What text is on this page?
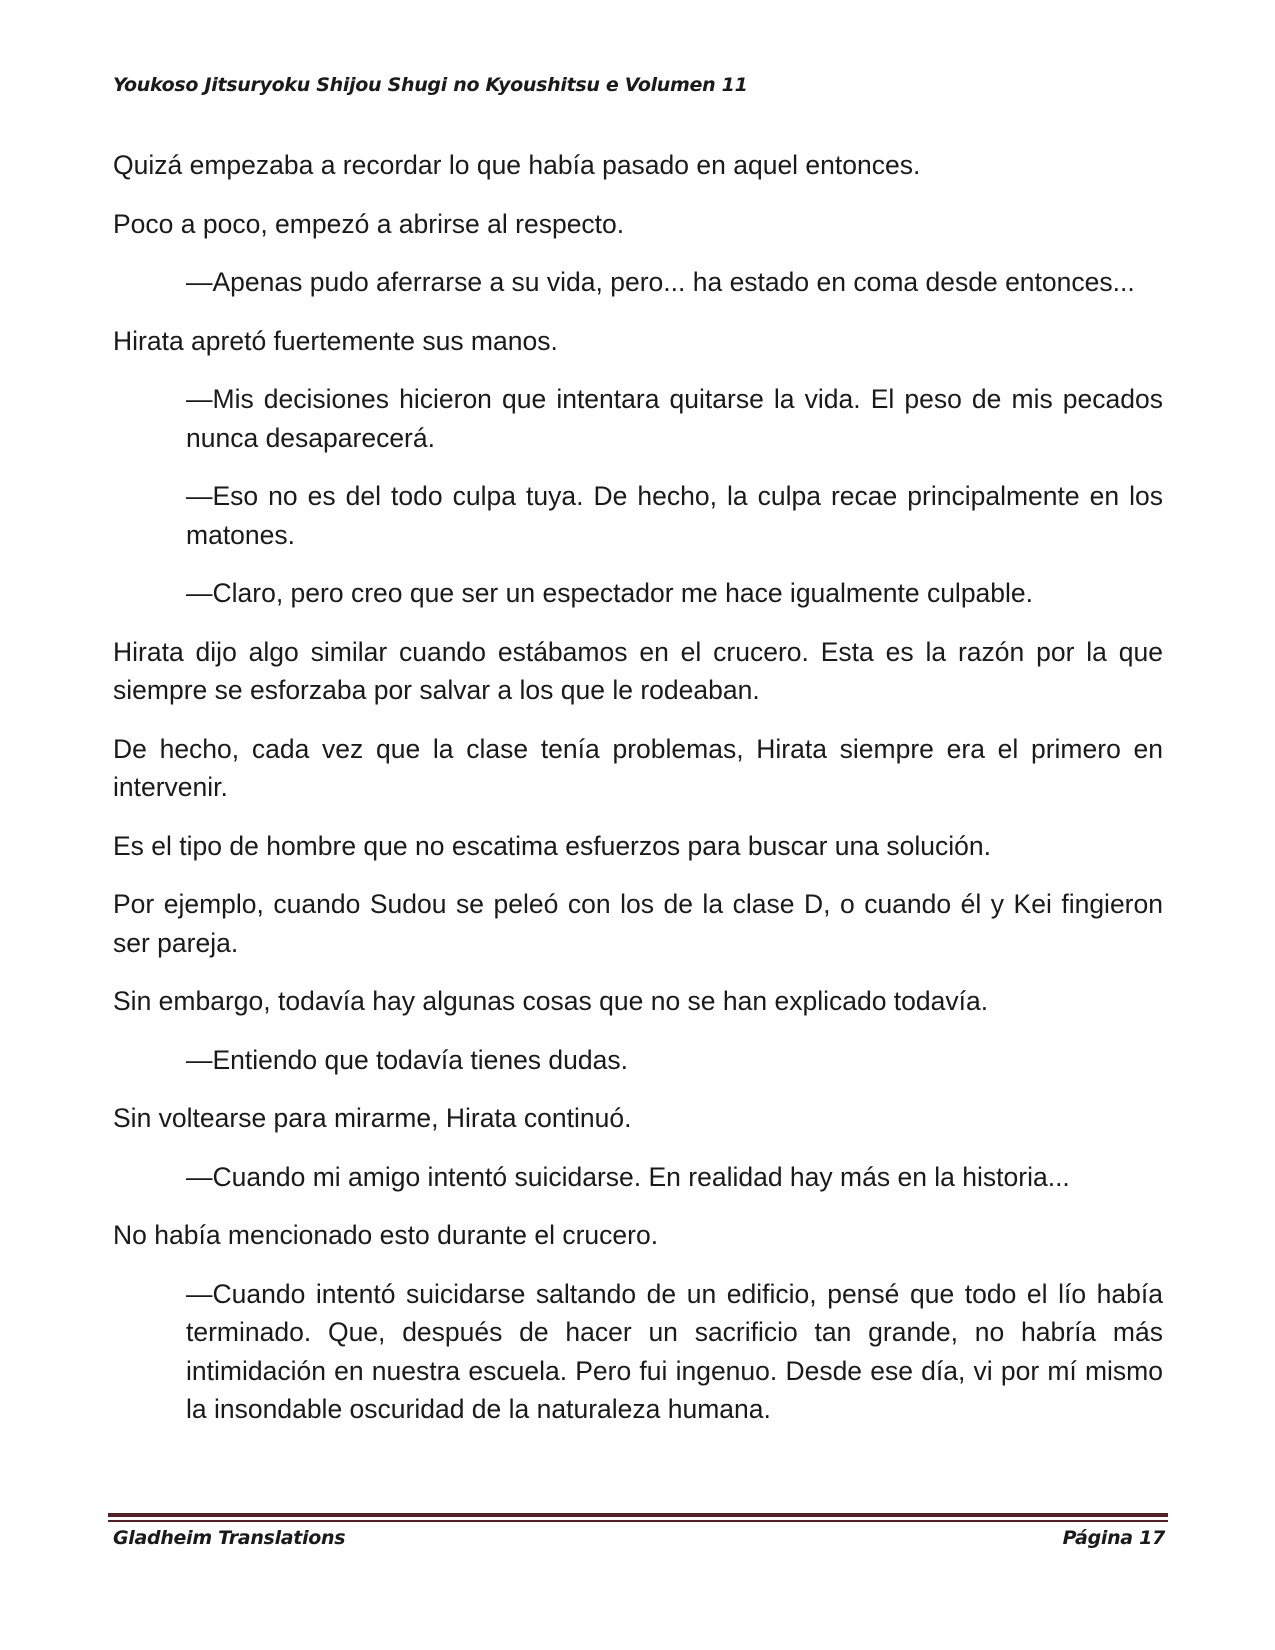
Youkoso Jitsuryoku Shijou Shugi no Kyoushitsu e Volumen 11

Quizá empezaba a recordar lo que había pasado en aquel entonces.

Poco a poco, empezó a abrirse al respecto.

—Apenas pudo aferrarse a su vida, pero... ha estado en coma desde entonces...

Hirata apretó fuertemente sus manos.

—Mis decisiones hicieron que intentara quitarse la vida. El peso de mis pecados nunca desaparecerá.

—Eso no es del todo culpa tuya. De hecho, la culpa recae principalmente en los matones.

—Claro, pero creo que ser un espectador me hace igualmente culpable.

Hirata dijo algo similar cuando estábamos en el crucero. Esta es la razón por la que siempre se esforzaba por salvar a los que le rodeaban.

De hecho, cada vez que la clase tenía problemas, Hirata siempre era el primero en intervenir.

Es el tipo de hombre que no escatima esfuerzos para buscar una solución.

Por ejemplo, cuando Sudou se peleó con los de la clase D, o cuando él y Kei fingieron ser pareja.

Sin embargo, todavía hay algunas cosas que no se han explicado todavía.

—Entiendo que todavía tienes dudas.

Sin voltearse para mirarme, Hirata continuó.

—Cuando mi amigo intentó suicidarse. En realidad hay más en la historia...

No había mencionado esto durante el crucero.

—Cuando intentó suicidarse saltando de un edificio, pensé que todo el lío había terminado. Que, después de hacer un sacrificio tan grande, no habría más intimidación en nuestra escuela. Pero fui ingenuo. Desde ese día, vi por mí mismo la insondable oscuridad de la naturaleza humana.

Gladheim Translations	Página 17
